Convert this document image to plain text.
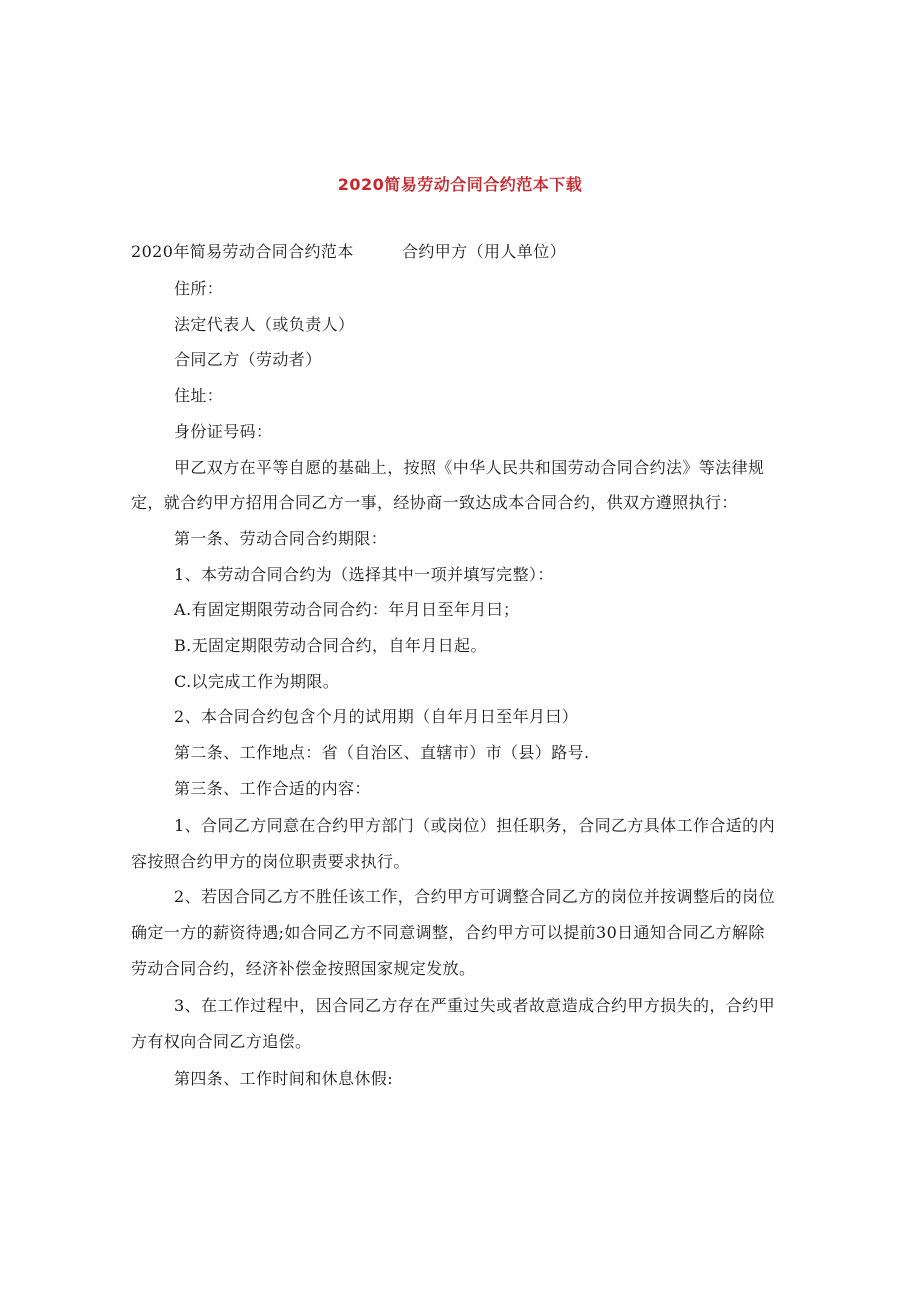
2020简易劳动合同合约范本下载
2020年简易劳动合同合约范本	合约甲方（用人单位）
住所：
法定代表人（或负责人）
合同乙方（劳动者）
住址：
身份证号码：
甲乙双方在平等自愿的基础上，按照《中华人民共和国劳动合同合约法》等法律规
定，就合约甲方招用合同乙方一事，经协商一致达成本合同合约，供双方遵照执行：
第一条、劳动合同合约期限：
1、本劳动合同合约为（选择其中一项并填写完整）：
A.有固定期限劳动合同合约：年月日至年月曰；
B.无固定期限劳动合同合约，自年月日起。
C.以完成工作为期限。
2、本合同合约包含个月的试用期（自年月日至年月曰）
第二条、工作地点：省（自治区、直辖市）市（县）路号.
第三条、工作合适的内容：
1、合同乙方同意在合约甲方部门（或岗位）担任职务，合同乙方具体工作合适的内
容按照合约甲方的岗位职责要求执行。
2、若因合同乙方不胜任该工作，合约甲方可调整合同乙方的岗位并按调整后的岗位
确定一方的薪资待遇;如合同乙方不同意调整，合约甲方可以提前30日通知合同乙方解除
劳动合同合约，经济补偿金按照国家规定发放。
3、在工作过程中，因合同乙方存在严重过失或者故意造成合约甲方损失的，合约甲
方有权向合同乙方追偿。
第四条、工作时间和休息休假:
